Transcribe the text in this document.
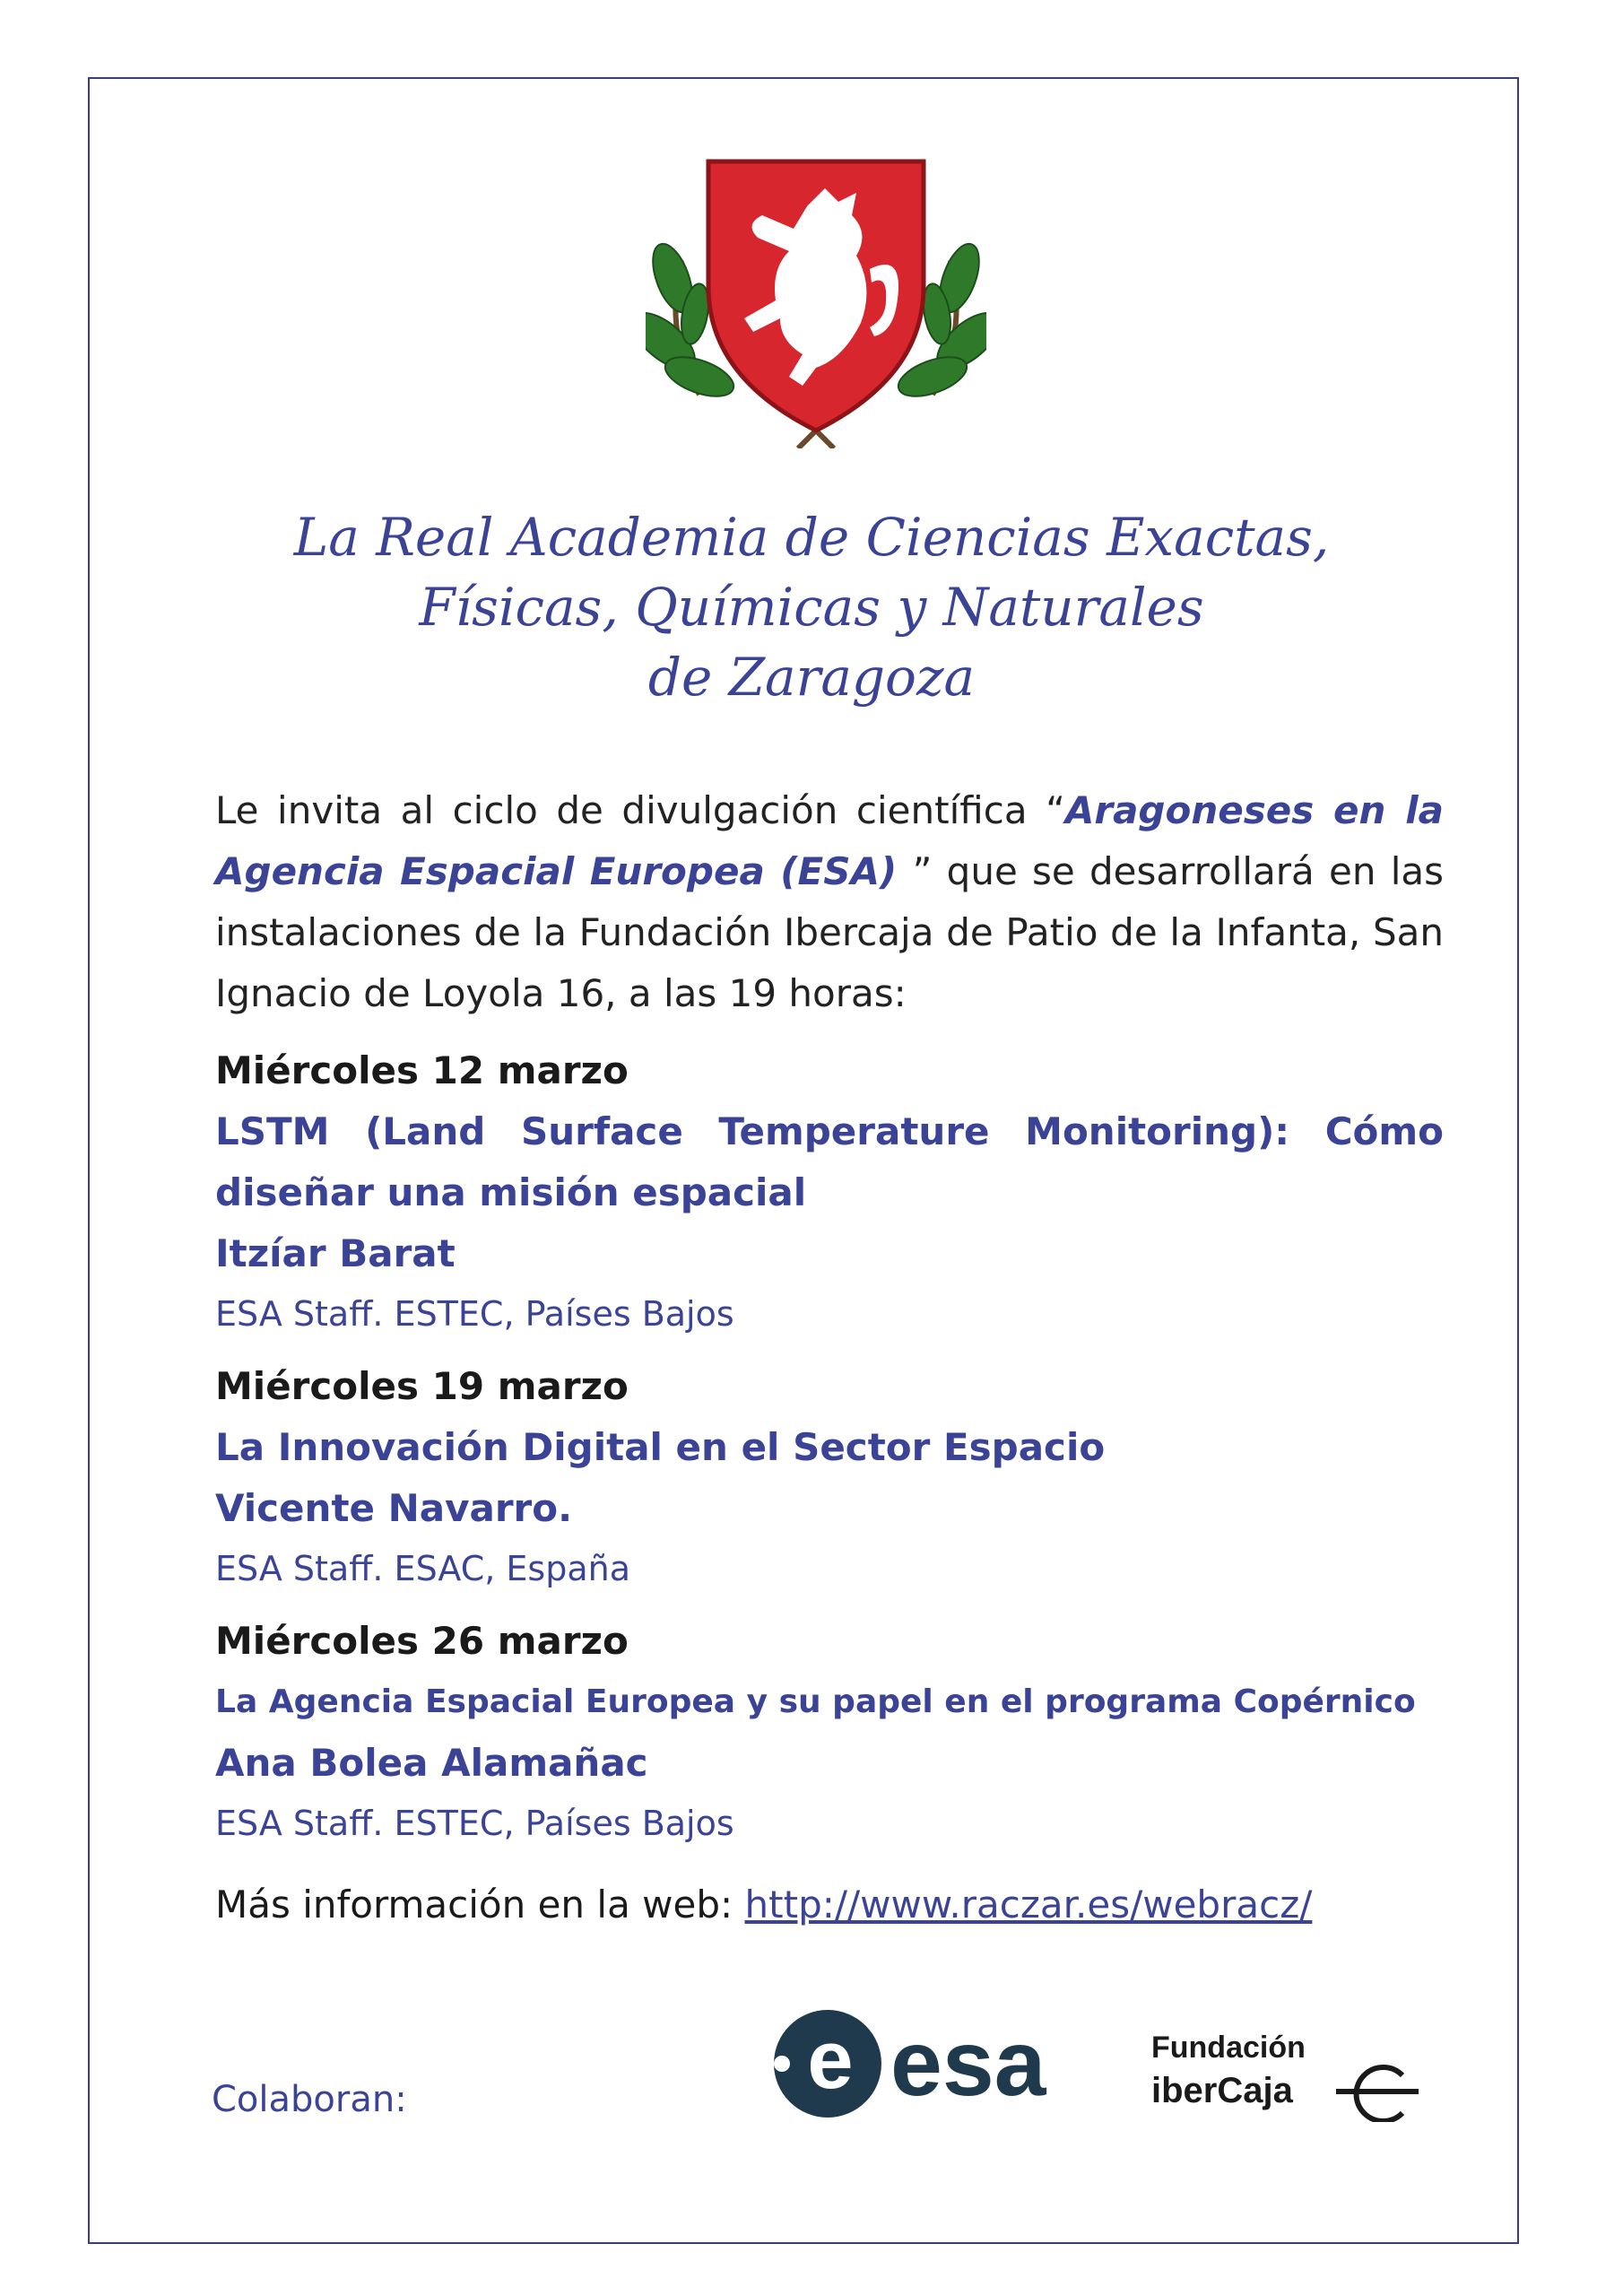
La Real Academia de Ciencias Exactas,
Físicas, Químicas y Naturales
de Zaragoza
Le invita al ciclo de divulgación científica “Aragoneses en la Agencia Espacial Europea (ESA) ” que se desarrollará en las instalaciones de la Fundación Ibercaja de Patio de la Infanta, San Ignacio de Loyola 16, a las 19 horas:
Miércoles 12 marzo
LSTM (Land Surface Temperature Monitoring): Cómo diseñar una misión espacial
Itzíar Barat
ESA Staff. ESTEC, Países Bajos
Miércoles 19 marzo
La Innovación Digital en el Sector Espacio
Vicente Navarro.
ESA Staff. ESAC, España
Miércoles 26 marzo
La Agencia Espacial Europea y su papel en el programa Copérnico
Ana Bolea Alamañac
ESA Staff. ESTEC, Países Bajos
Más información en la web: http://www.raczar.es/webracz/
Colaboran:	e esa	Fundación
iberCaja
